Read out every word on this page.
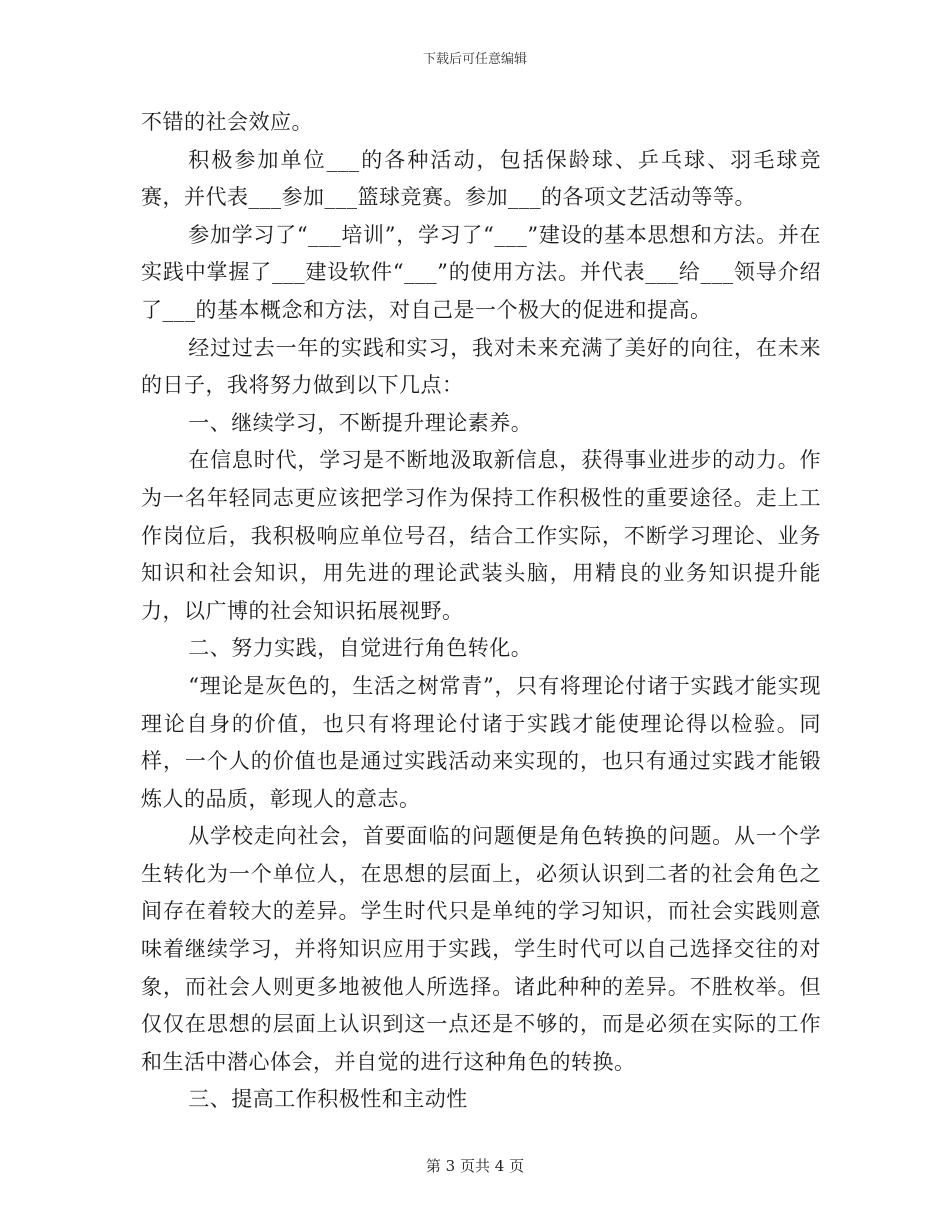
下载后可任意编辑

不错的社会效应。

积极参加单位___的各种活动，包括保龄球、乒乓球、羽毛球竞赛，并代表___参加___篮球竞赛。参加___的各项文艺活动等等。

参加学习了“___培训”，学习了“___”建设的基本思想和方法。并在实践中掌握了___建设软件“___”的使用方法。并代表___给___领导介绍了___的基本概念和方法，对自己是一个极大的促进和提高。

经过过去一年的实践和实习，我对未来充满了美好的向往，在未来的日子，我将努力做到以下几点：

一、继续学习，不断提升理论素养。

在信息时代，学习是不断地汲取新信息，获得事业进步的动力。作为一名年轻同志更应该把学习作为保持工作积极性的重要途径。走上工作岗位后，我积极响应单位号召，结合工作实际，不断学习理论、业务知识和社会知识，用先进的理论武装头脑，用精良的业务知识提升能力，以广博的社会知识拓展视野。

二、努力实践，自觉进行角色转化。

“理论是灰色的，生活之树常青”，只有将理论付诸于实践才能实现理论自身的价值，也只有将理论付诸于实践才能使理论得以检验。同样，一个人的价值也是通过实践活动来实现的，也只有通过实践才能锻炼人的品质，彰现人的意志。

从学校走向社会，首要面临的问题便是角色转换的问题。从一个学生转化为一个单位人，在思想的层面上，必须认识到二者的社会角色之间存在着较大的差异。学生时代只是单纯的学习知识，而社会实践则意味着继续学习，并将知识应用于实践，学生时代可以自己选择交往的对象，而社会人则更多地被他人所选择。诸此种种的差异。不胜枚举。但仅仅在思想的层面上认识到这一点还是不够的，而是必须在实际的工作和生活中潜心体会，并自觉的进行这种角色的转换。

三、提高工作积极性和主动性

第 3 页共 4 页
